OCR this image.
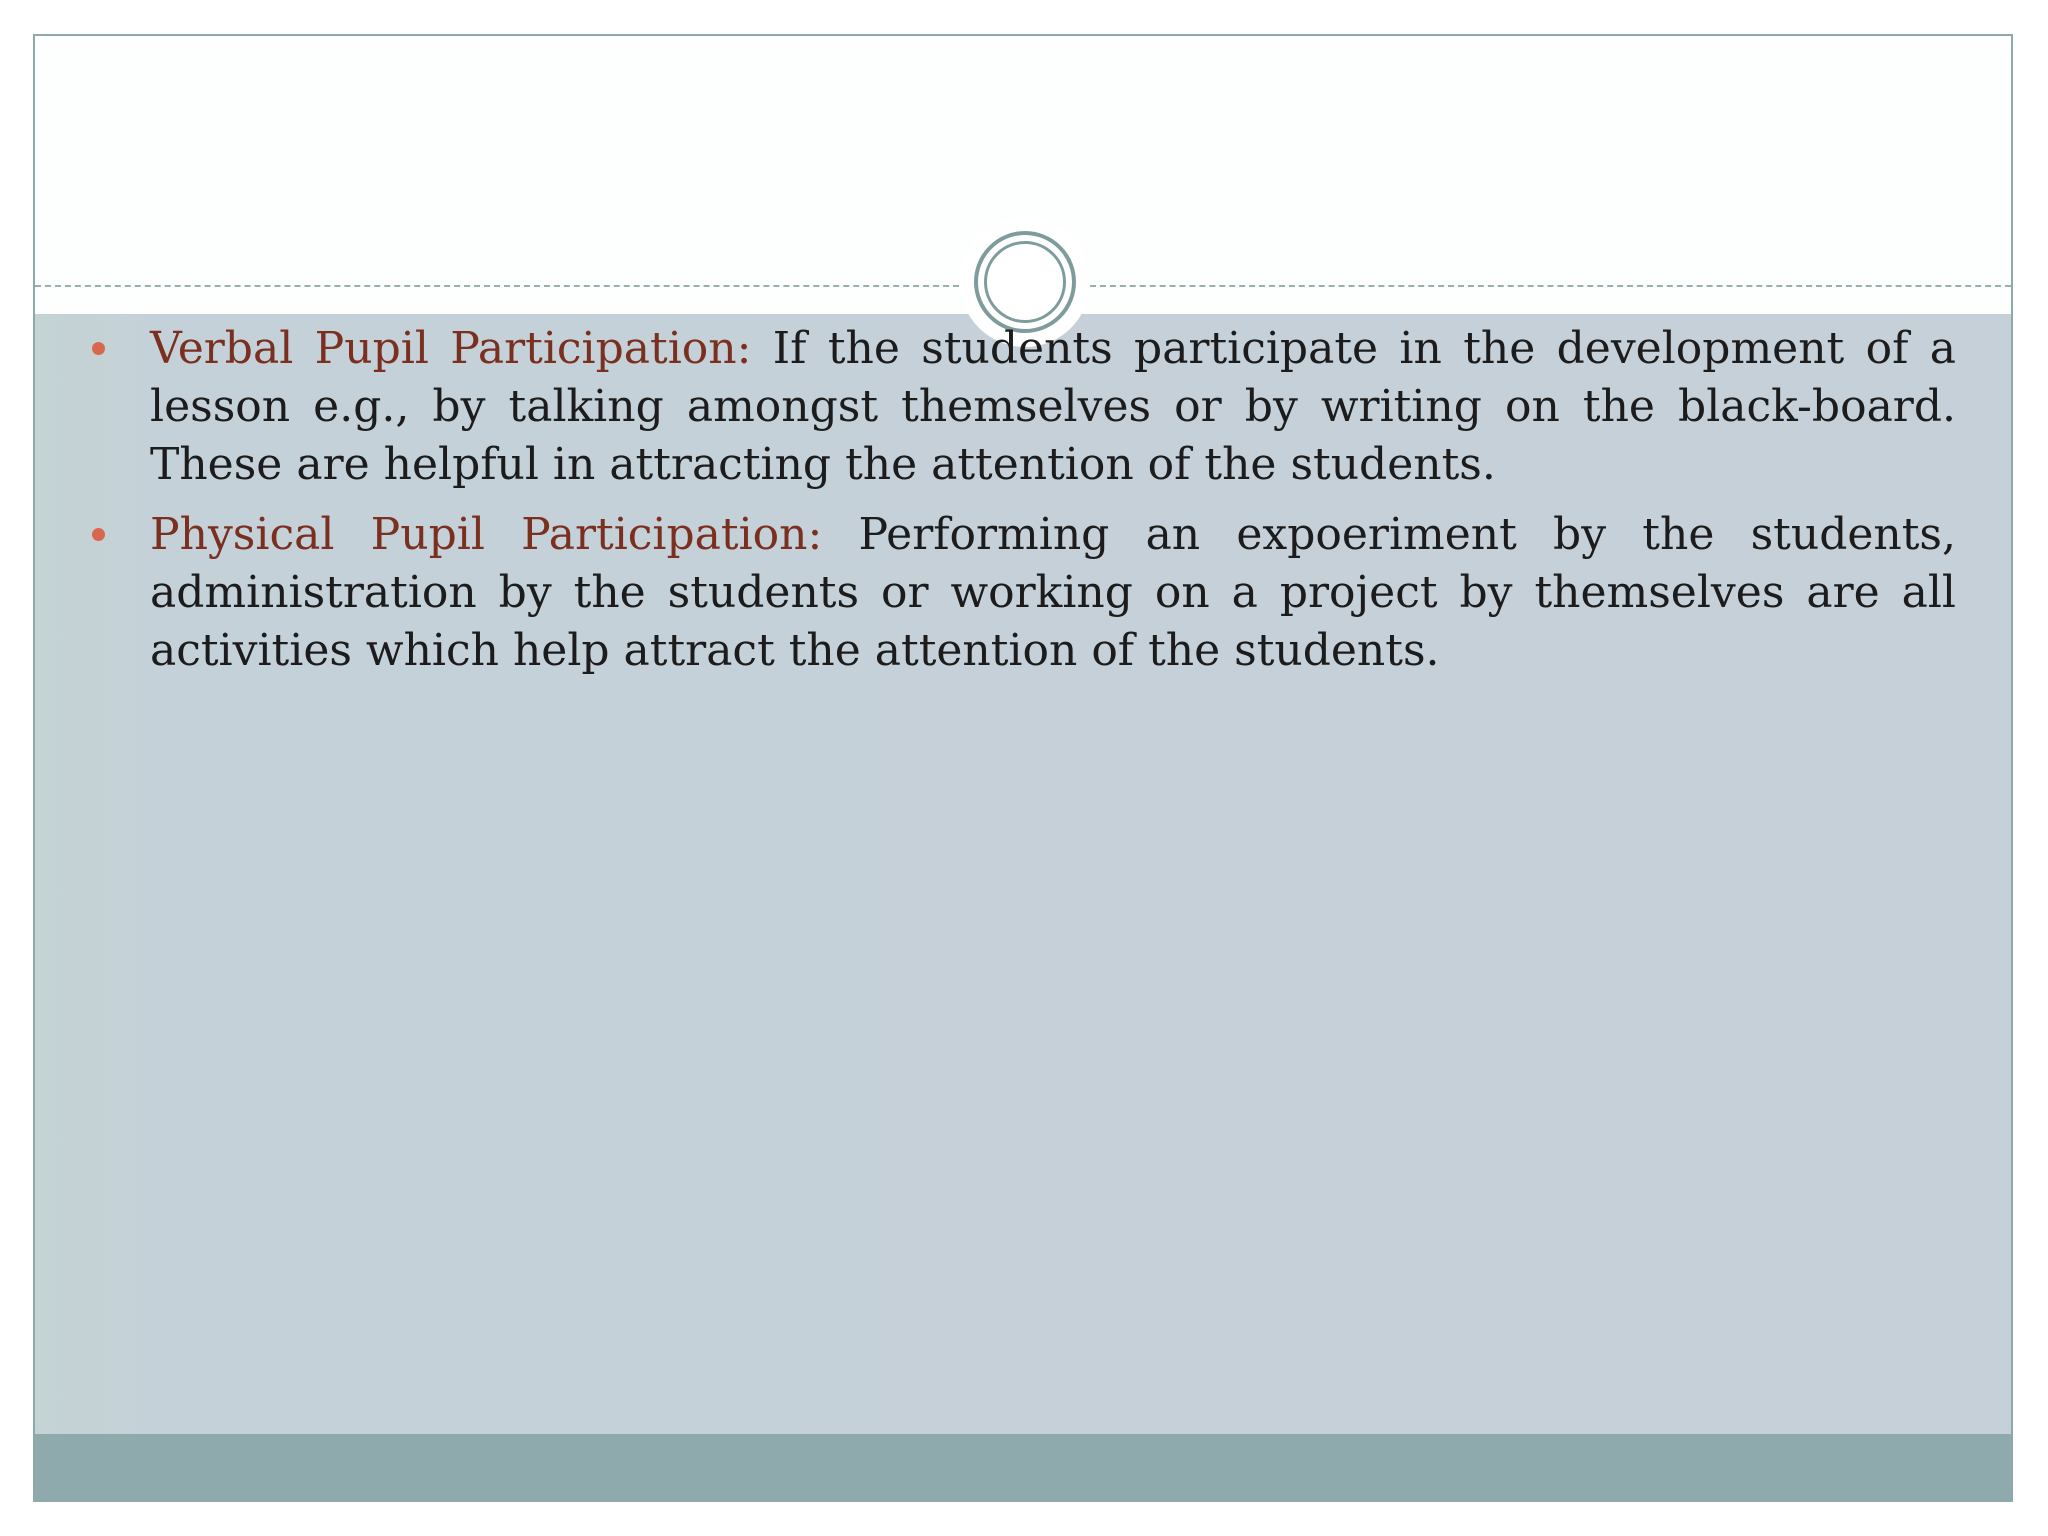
Verbal Pupil Participation: If the students participate in the development of a lesson e.g., by talking amongst themselves or by writing on the black-board. These are helpful in attracting the attention of the students.
Physical Pupil Participation: Performing an expoeriment by the students, administration by the students or working on a project by themselves are all activities which help attract the attention of the students.
